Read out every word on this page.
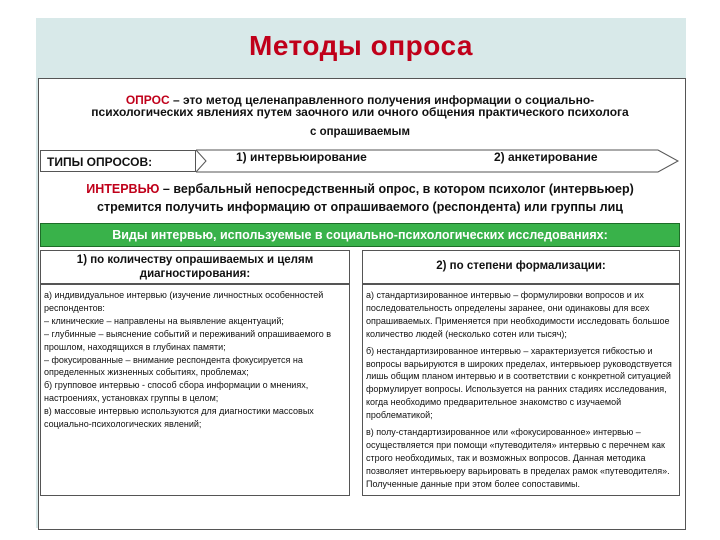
Методы опроса
ОПРОС – это метод целенаправленного получения информации о социально-
психологических явлениях путем заочного или очного общения практического психолога
с опрашиваемым
ТИПЫ ОПРОСОВ:	1) интервьюирование	2) анкетирование
ИНТЕРВЬЮ – вербальный непосредственный опрос, в котором психолог (интервьюер)
стремится получить информацию от опрашиваемого (респондента) или группы лиц
Виды интервью, используемые в социально-психологических исследованиях:
1) по количеству опрашиваемых и целям
диагностирования:
2) по степени формализации:

а) индивидуальное интервью (изучение личностных особенностей респондентов:

– клинические – направлены на выявление акцентуаций;

– глубинные – выяснение событий и переживаний опрашиваемого в прошлом, находящихся в глубинах памяти;

– фокусированные – внимание респондента фокусируется на определенных жизненных событиях, проблемах;

б) групповое интервью - способ сбора информации о мнениях, настроениях, установках группы в целом;

в) массовые интервью используются для диагностики массовых социально-психологических явлений;

а) стандартизированное интервью – формулировки вопросов и их последовательность определены заранее, они одинаковы для всех опрашиваемых. Применяется при необходимости исследовать большое количество людей (несколько сотен или тысяч);

б) нестандартизированное интервью – характеризуется гибкостью и вопросы варьируются в широких пределах, интервьюер руководствуется лишь общим планом интервью и в соответствии с конкретной ситуацией формулирует вопросы. Используется на ранних стадиях исследования, когда необходимо предварительное знакомство с изучаемой проблематикой;

в) полу-стандартизированное или «фокусированное» интервью – осуществляется при помощи «путеводителя» интервью с перечнем как строго необходимых, так и возможных вопросов. Данная методика позволяет интервьюеру варьировать в пределах рамок «путеводителя». Полученные данные при этом более сопоставимы.
